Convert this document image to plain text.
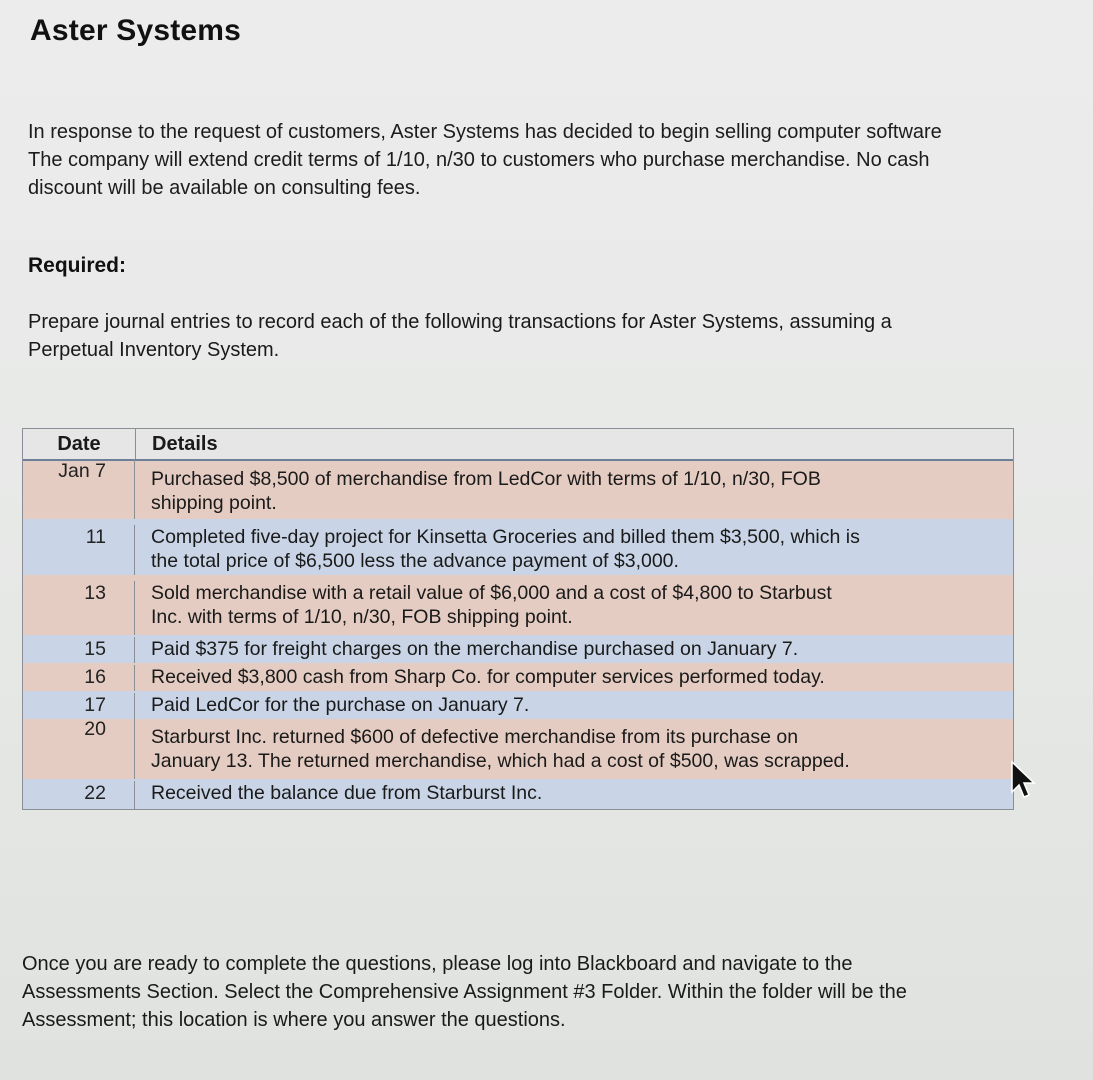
Aster Systems
In response to the request of customers, Aster Systems has decided to begin selling computer software
The company will extend credit terms of 1/10, n/30 to customers who purchase merchandise. No cash
discount will be available on consulting fees.
Required:
Prepare journal entries to record each of the following transactions for Aster Systems, assuming a
Perpetual Inventory System.
Date	Details
Jan 7	Purchased $8,500 of merchandise from LedCor with terms of 1/10, n/30, FOB
shipping point.
11	Completed five-day project for Kinsetta Groceries and billed them $3,500, which is
the total price of $6,500 less the advance payment of $3,000.
13	Sold merchandise with a retail value of $6,000 and a cost of $4,800 to Starbust
Inc. with terms of 1/10, n/30, FOB shipping point.
15	Paid $375 for freight charges on the merchandise purchased on January 7.
16	Received $3,800 cash from Sharp Co. for computer services performed today.
17	Paid LedCor for the purchase on January 7.
20	Starburst Inc. returned $600 of defective merchandise from its purchase on
January 13. The returned merchandise, which had a cost of $500, was scrapped.
22	Received the balance due from Starburst Inc.
Once you are ready to complete the questions, please log into Blackboard and navigate to the
Assessments Section. Select the Comprehensive Assignment #3 Folder. Within the folder will be the
Assessment; this location is where you answer the questions.
